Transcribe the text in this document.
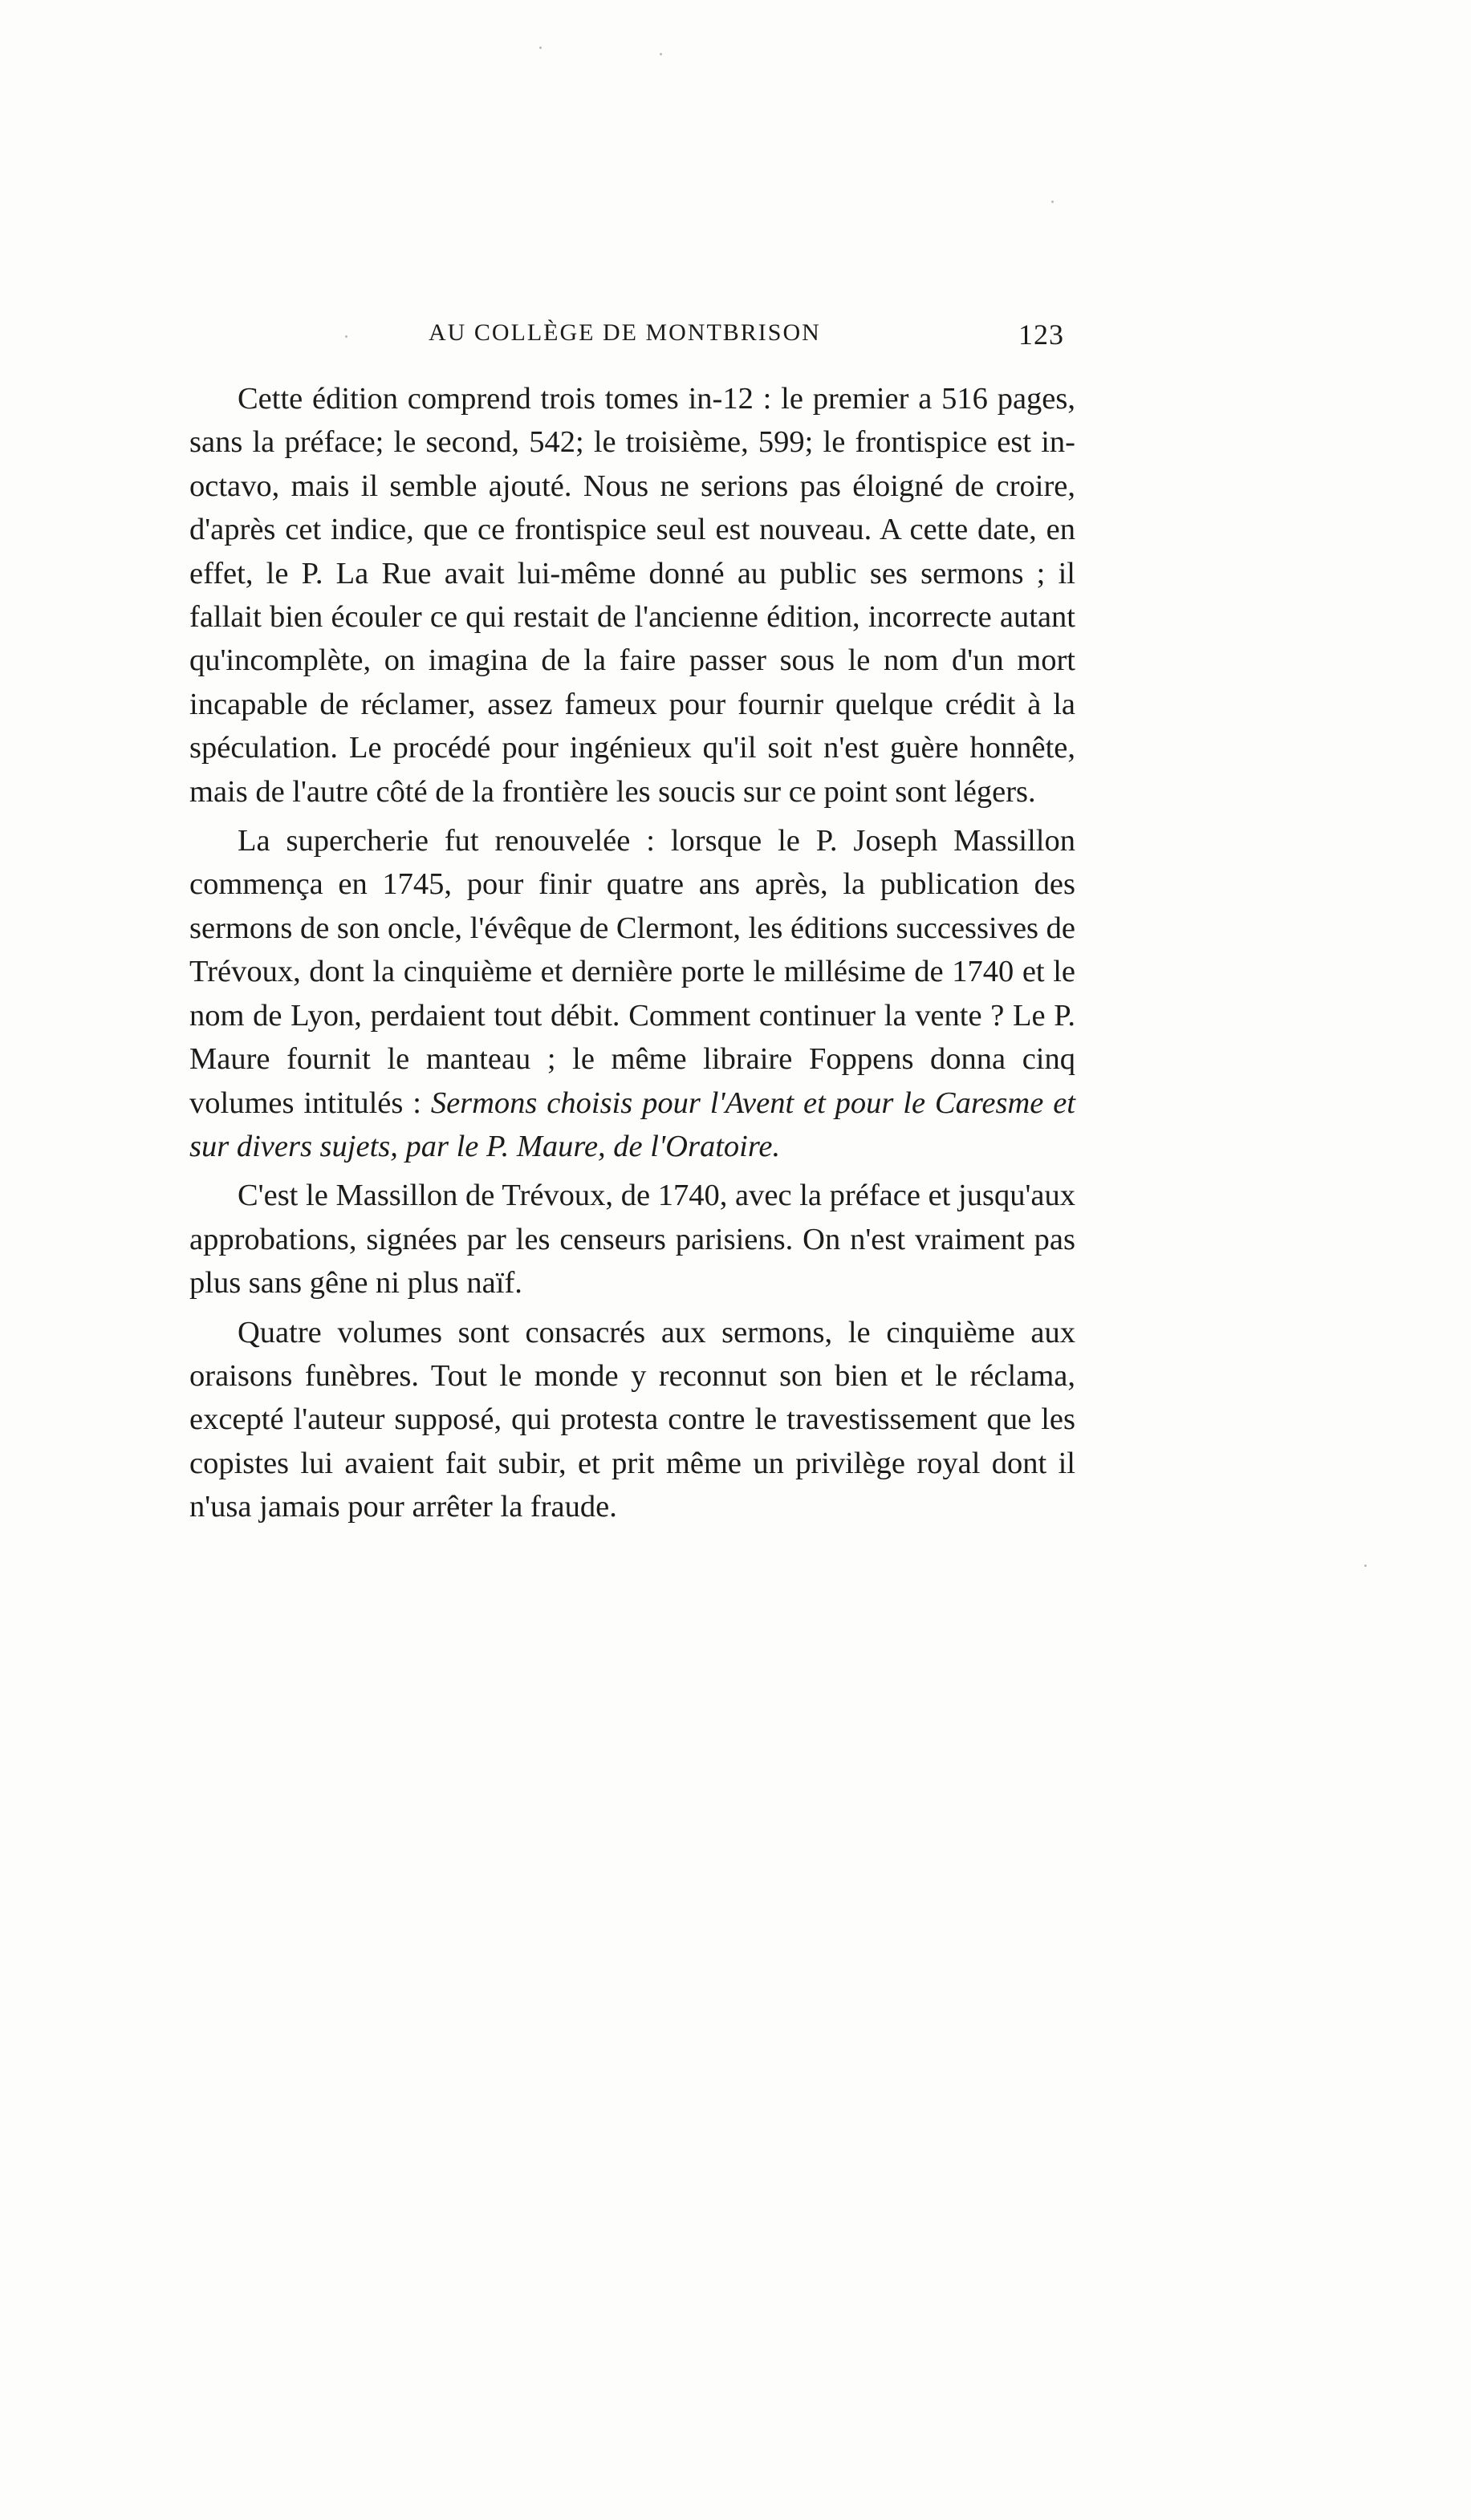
AU COLLÈGE DE MONTBRISON	123

Cette édition comprend trois tomes in-12 : le premier a 516 pages, sans la préface; le second, 542; le troisième, 599; le frontispice est in-octavo, mais il semble ajouté. Nous ne serions pas éloigné de croire, d'après cet indice, que ce frontispice seul est nouveau. A cette date, en effet, le P. La Rue avait lui-même donné au public ses sermons ; il fallait bien écouler ce qui restait de l'ancienne édition, incorrecte autant qu'incomplète, on imagina de la faire passer sous le nom d'un mort incapable de réclamer, assez fameux pour fournir quelque crédit à la spéculation. Le procédé pour ingénieux qu'il soit n'est guère honnête, mais de l'autre côté de la frontière les soucis sur ce point sont légers.

La supercherie fut renouvelée : lorsque le P. Joseph Massillon commença en 1745, pour finir quatre ans après, la publication des sermons de son oncle, l'évêque de Clermont, les éditions successives de Trévoux, dont la cinquième et dernière porte le millésime de 1740 et le nom de Lyon, perdaient tout débit. Comment continuer la vente ? Le P. Maure fournit le manteau ; le même libraire Foppens donna cinq volumes intitulés : Sermons choisis pour l'Avent et pour le Caresme et sur divers sujets, par le P. Maure, de l'Oratoire.

C'est le Massillon de Trévoux, de 1740, avec la préface et jusqu'aux approbations, signées par les censeurs parisiens. On n'est vraiment pas plus sans gêne ni plus naïf.

Quatre volumes sont consacrés aux sermons, le cinquième aux oraisons funèbres. Tout le monde y reconnut son bien et le réclama, excepté l'auteur supposé, qui protesta contre le travestissement que les copistes lui avaient fait subir, et prit même un privilège royal dont il n'usa jamais pour arrêter la fraude.
